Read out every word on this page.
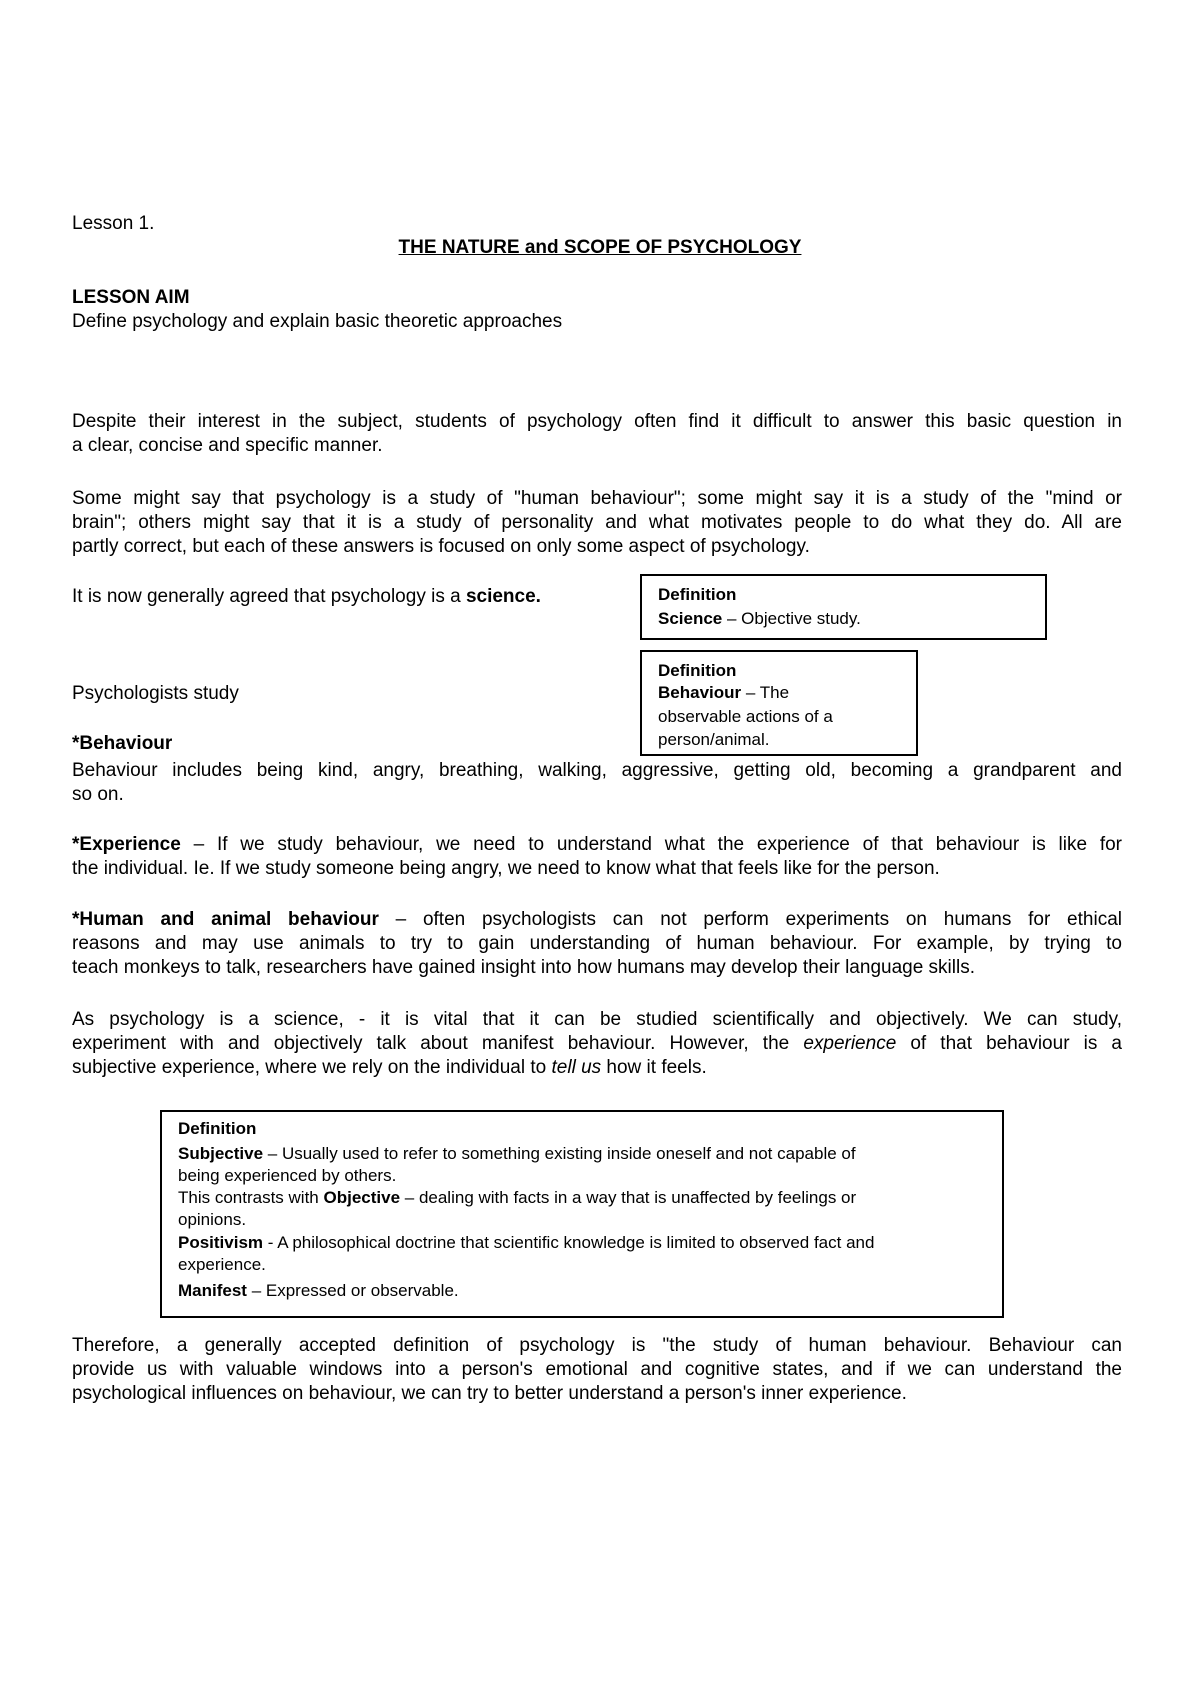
Lesson 1.
THE NATURE and SCOPE OF PSYCHOLOGY
LESSON AIM
Define psychology and explain basic theoretic approaches
Despite their interest in the subject, students of psychology often find it difficult to answer this basic question in
a clear, concise and specific manner.
Some might say that psychology is a study of "human behaviour"; some might say it is a study of the "mind or
brain"; others might say that it is a study of personality and what motivates people to do what they do. All are
partly correct, but each of these answers is focused on only some aspect of psychology.
It is now generally agreed that psychology is a science.	Definition
Science – Objective study.
Definition
Behaviour – The
observable actions of a
person/animal.
Psychologists study
*Behaviour
Behaviour includes being kind, angry, breathing, walking, aggressive, getting old, becoming a grandparent and
so on.
*Experience – If we study behaviour, we need to understand what the experience of that behaviour is like for
the individual. Ie. If we study someone being angry, we need to know what that feels like for the person.
*Human and animal behaviour – often psychologists can not perform experiments on humans for ethical
reasons and may use animals to try to gain understanding of human behaviour. For example, by trying to
teach monkeys to talk, researchers have gained insight into how humans may develop their language skills.
As psychology is a science, - it is vital that it can be studied scientifically and objectively. We can study,
experiment with and objectively talk about manifest behaviour. However, the experience of that behaviour is a
subjective experience, where we rely on the individual to tell us how it feels.
Definition
Subjective – Usually used to refer to something existing inside oneself and not capable of
being experienced by others.
This contrasts with Objective – dealing with facts in a way that is unaffected by feelings or
opinions.
Positivism - A philosophical doctrine that scientific knowledge is limited to observed fact and
experience.
Manifest – Expressed or observable.
Therefore, a generally accepted definition of psychology is "the study of human behaviour. Behaviour can
provide us with valuable windows into a person's emotional and cognitive states, and if we can understand the
psychological influences on behaviour, we can try to better understand a person's inner experience.
